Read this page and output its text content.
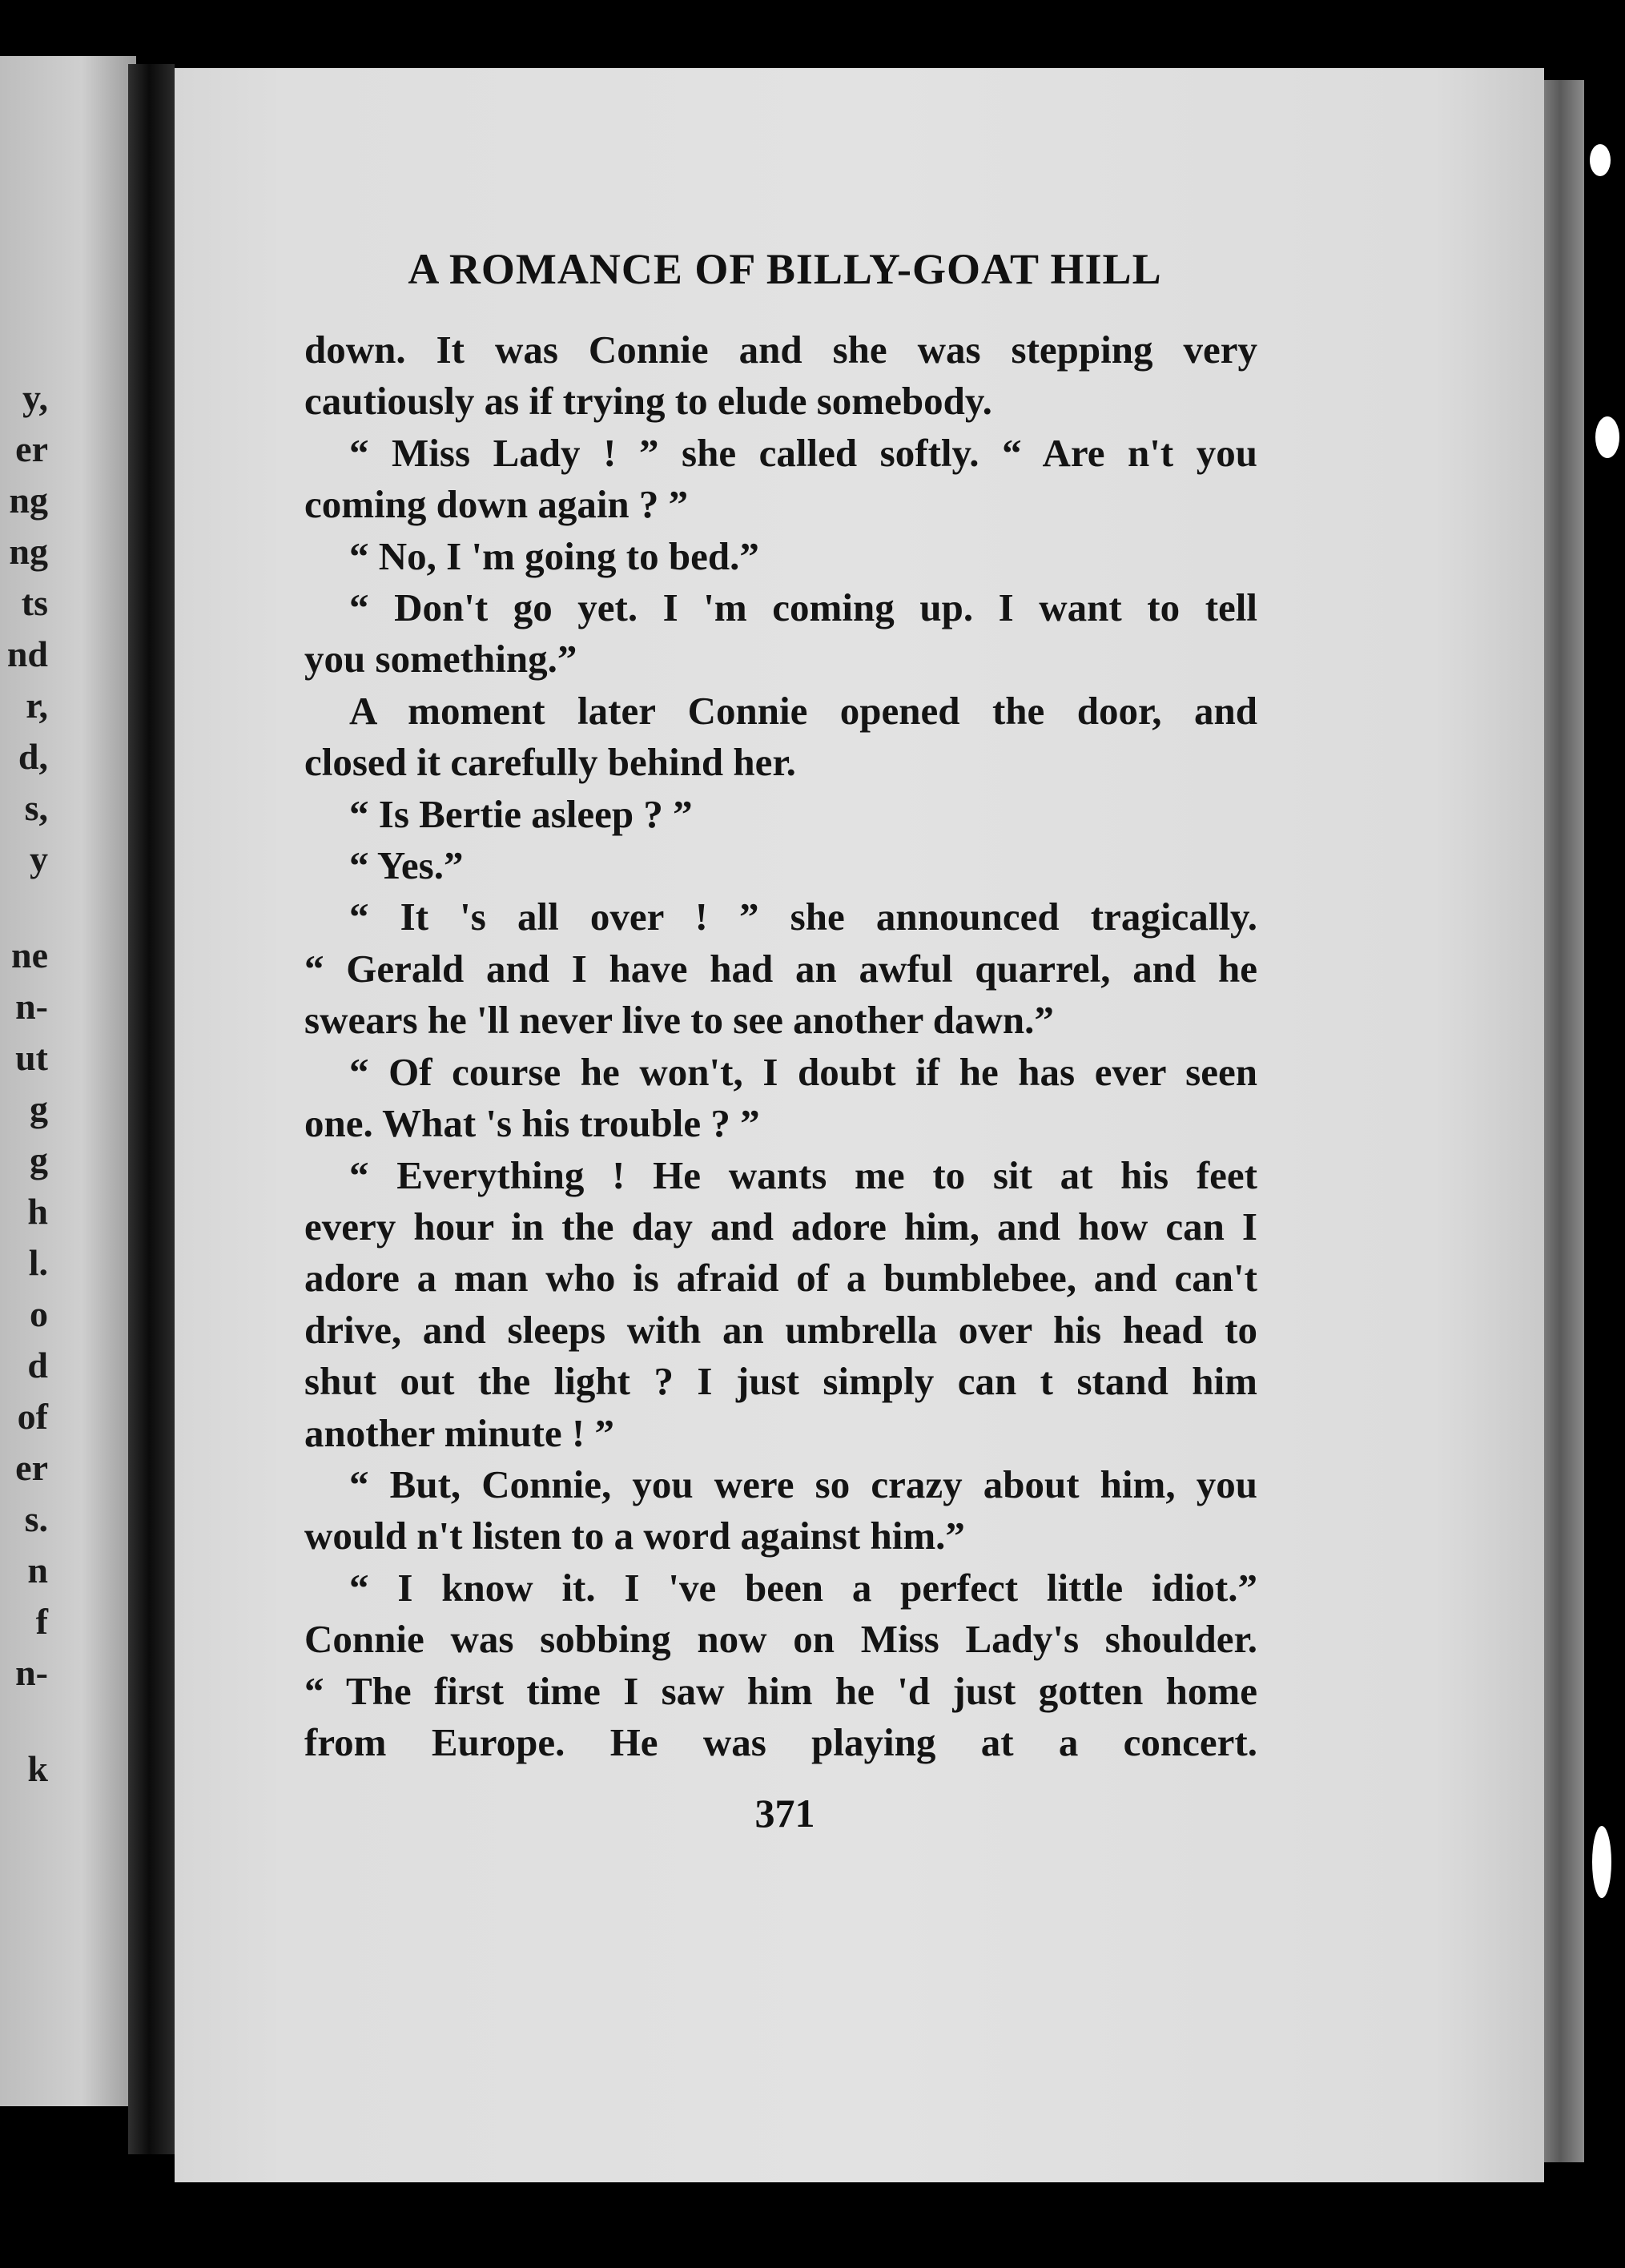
y,
er
ng
ng
ts
nd
r,
d,
s,
y
ne
n-
ut
g
g
h
l.
o
d
of
er
s.
n
f
n-
k
A ROMANCE OF BILLY-GOAT HILL
down. It was Connie and she was stepping very
cautiously as if trying to elude somebody.
“ Miss Lady ! ” she called softly. “ Are n't you
coming down again ? ”
“ No, I 'm going to bed.”
“ Don't go yet. I 'm coming up. I want to tell
you something.”
A moment later Connie opened the door, and
closed it carefully behind her.
“ Is Bertie asleep ? ”
“ Yes.”
“ It 's all over ! ” she announced tragically.
“ Gerald and I have had an awful quarrel, and he
swears he 'll never live to see another dawn.”
“ Of course he won't, I doubt if he has ever seen
one. What 's his trouble ? ”
“ Everything ! He wants me to sit at his feet
every hour in the day and adore him, and how can I
adore a man who is afraid of a bumblebee, and can't
drive, and sleeps with an umbrella over his head to
shut out the light ? I just simply can t stand him
another minute ! ”
“ But, Connie, you were so crazy about him, you
would n't listen to a word against him.”
“ I know it. I 've been a perfect little idiot.”
Connie was sobbing now on Miss Lady's shoulder.
“ The first time I saw him he 'd just gotten home
from Europe. He was playing at a concert.
371
